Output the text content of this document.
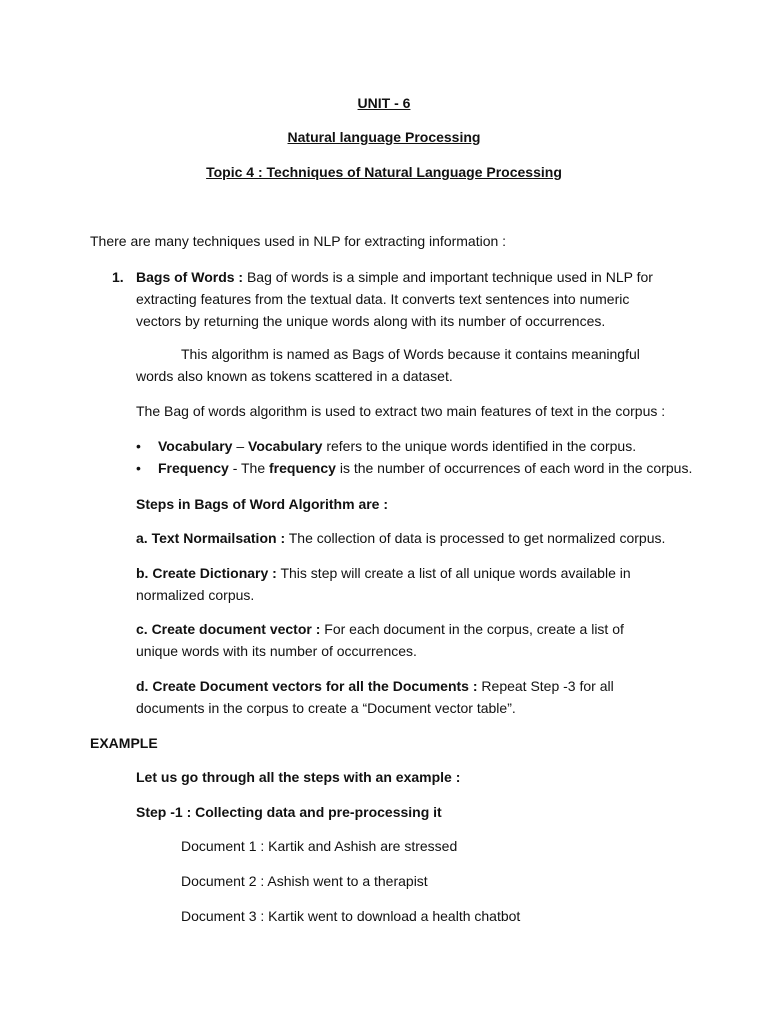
UNIT - 6
Natural language Processing
Topic 4 : Techniques of Natural Language Processing
There are many techniques used in NLP for extracting information :
1. Bags of Words : Bag of words is a simple and important technique used in NLP for extracting features from the textual data. It converts text sentences into numeric vectors by returning the unique words along with its number of occurrences.
This algorithm is named as Bags of Words because it contains meaningful words also known as tokens scattered in a dataset.
The Bag of words algorithm is used to extract two main features of text in the corpus :
• Vocabulary – Vocabulary refers to the unique words identified in the corpus.
• Frequency - The frequency is the number of occurrences of each word in the corpus.
Steps in Bags of Word Algorithm are :
a. Text Normailsation : The collection of data is processed to get normalized corpus.
b. Create Dictionary : This step will create a list of all unique words available in normalized corpus.
c. Create document vector : For each document in the corpus, create a list of unique words with its number of occurrences.
d. Create Document vectors for all the Documents : Repeat Step -3 for all documents in the corpus to create a “Document vector table”.
EXAMPLE
Let us go through all the steps with an example :
Step -1 : Collecting data and pre-processing it
Document 1 : Kartik and Ashish are stressed
Document 2 : Ashish went to a therapist
Document 3 : Kartik went to download a health chatbot
